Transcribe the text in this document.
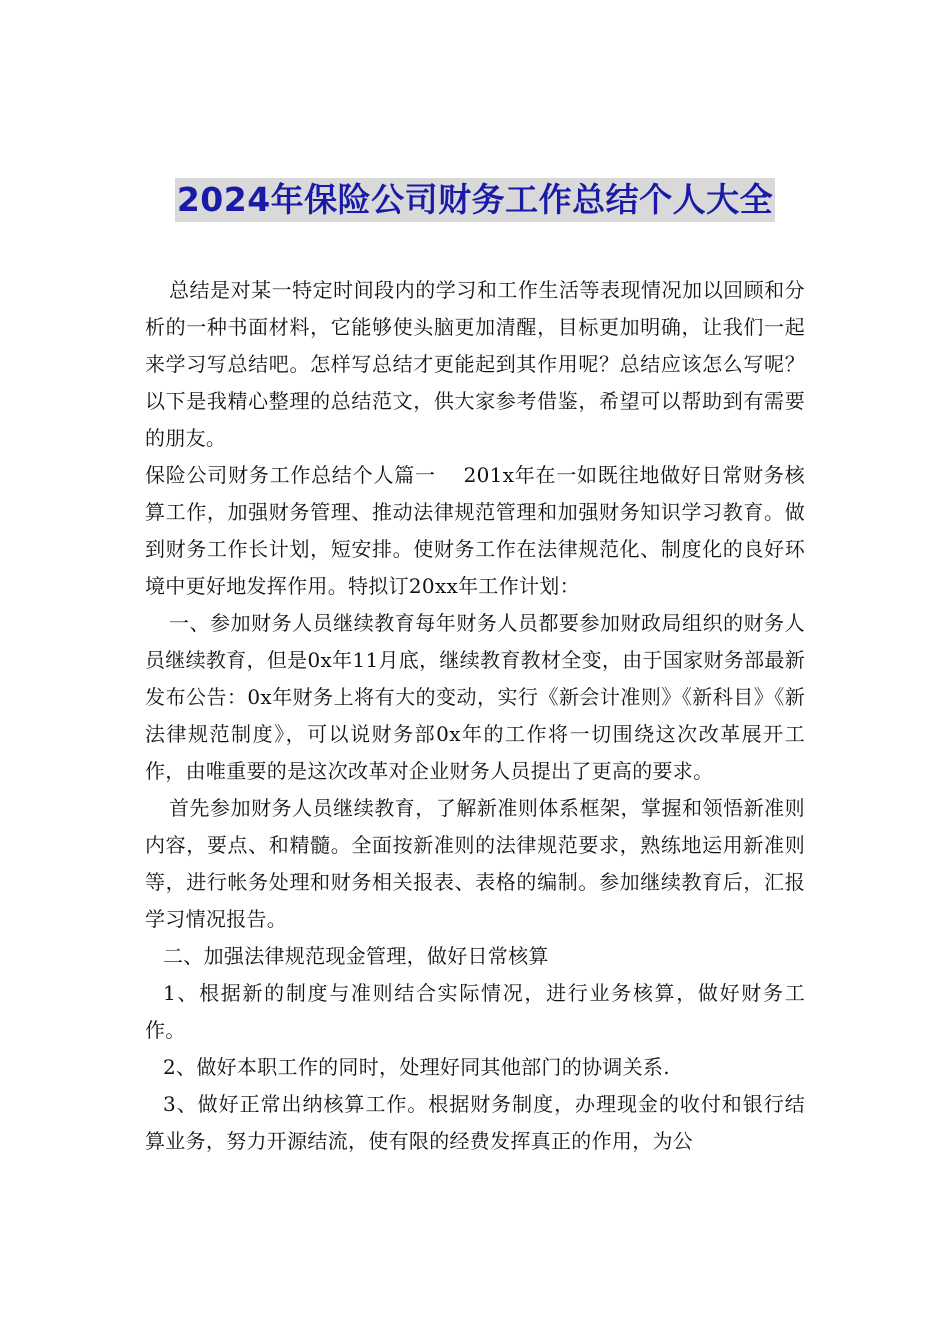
2024年保险公司财务工作总结个人大全

总结是对某一特定时间段内的学习和工作生活等表现情况加以回顾和分析的一种书面材料，它能够使头脑更加清醒，目标更加明确，让我们一起来学习写总结吧。怎样写总结才更能起到其作用呢？总结应该怎么写呢？以下是我精心整理的总结范文，供大家参考借鉴，希望可以帮助到有需要的朋友。

保险公司财务工作总结个人篇一　 201x年在一如既往地做好日常财务核算工作，加强财务管理、推动法律规范管理和加强财务知识学习教育。做到财务工作长计划，短安排。使财务工作在法律规范化、制度化的良好环境中更好地发挥作用。特拟订20xx年工作计划：

一、参加财务人员继续教育每年财务人员都要参加财政局组织的财务人员继续教育，但是0x年11月底，继续教育教材全变，由于国家财务部最新发布公告：0x年财务上将有大的变动，实行《新会计准则》《新科目》《新法律规范制度》，可以说财务部0x年的工作将一切围绕这次改革展开工作，由唯重要的是这次改革对企业财务人员提出了更高的要求。

首先参加财务人员继续教育，了解新准则体系框架，掌握和领悟新准则内容，要点、和精髓。全面按新准则的法律规范要求，熟练地运用新准则等，进行帐务处理和财务相关报表、表格的编制。参加继续教育后，汇报学习情况报告。

二、加强法律规范现金管理，做好日常核算

1、根据新的制度与准则结合实际情况，进行业务核算，做好财务工作。

2、做好本职工作的同时，处理好同其他部门的协调关系.

3、做好正常出纳核算工作。根据财务制度，办理现金的收付和银行结算业务，努力开源结流，使有限的经费发挥真正的作用，为公
